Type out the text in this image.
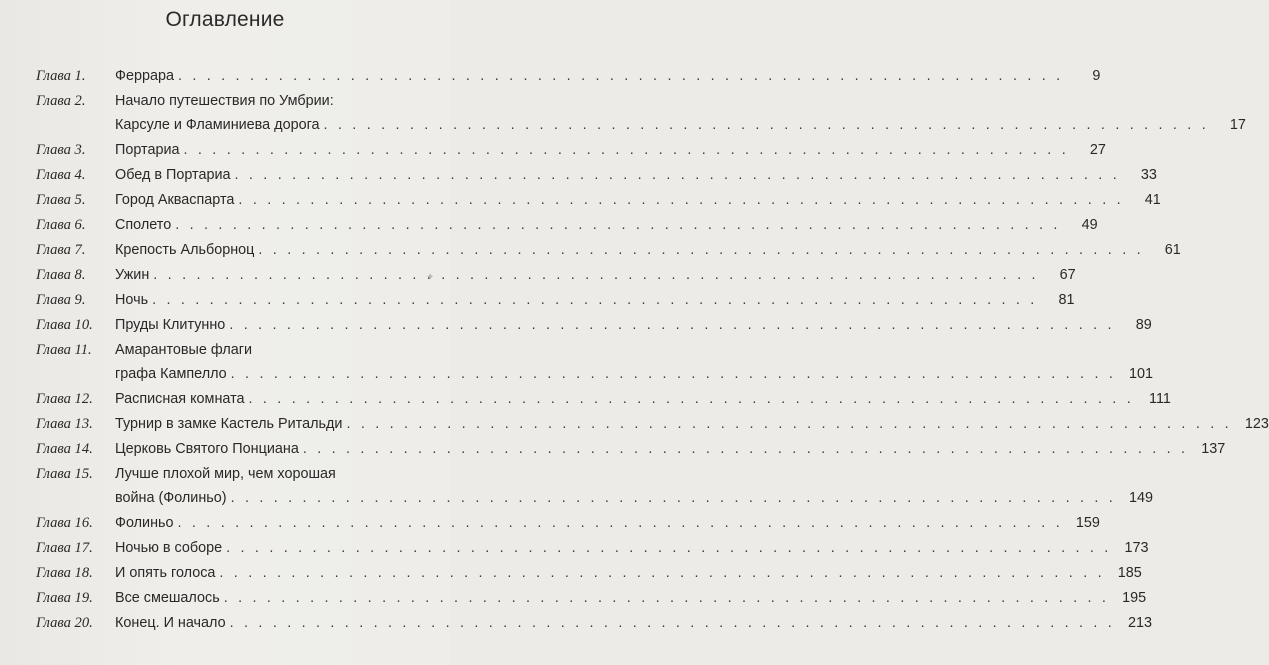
Оглавление
Глава 1.	Феррара . . .	9
Глава 2.	Начало путешествия по Умбрии:
Карсуле и Фламиниева дорога . . .	17
Глава 3.	Портариа . . .	27
Глава 4.	Обед в Портариа . . .	33
Глава 5.	Город Акваспарта . . .	41
Глава 6.	Сполето . . .	49
Глава 7.	Крепость Альборноц . . .	61
Глава 8.	Ужин . . .	67
Глава 9.	Ночь . . .	81
Глава 10.	Пруды Клитунно . . .	89
Глава 11.	Амарантовые флаги
графа Кампелло . . .	101
Глава 12.	Расписная комната . . .	111
Глава 13.	Турнир в замке Кастель Ритальди . . .	123
Глава 14.	Церковь Святого Понциана . . .	137
Глава 15.	Лучше плохой мир, чем хорошая
война (Фолиньо) . . .	149
Глава 16.	Фолиньо . . .	159
Глава 17.	Ночью в соборе . . .	173
Глава 18.	И опять голоса . . .	185
Глава 19.	Все смешалось . . .	195
Глава 20.	Конец. И начало . . .	213
✦
